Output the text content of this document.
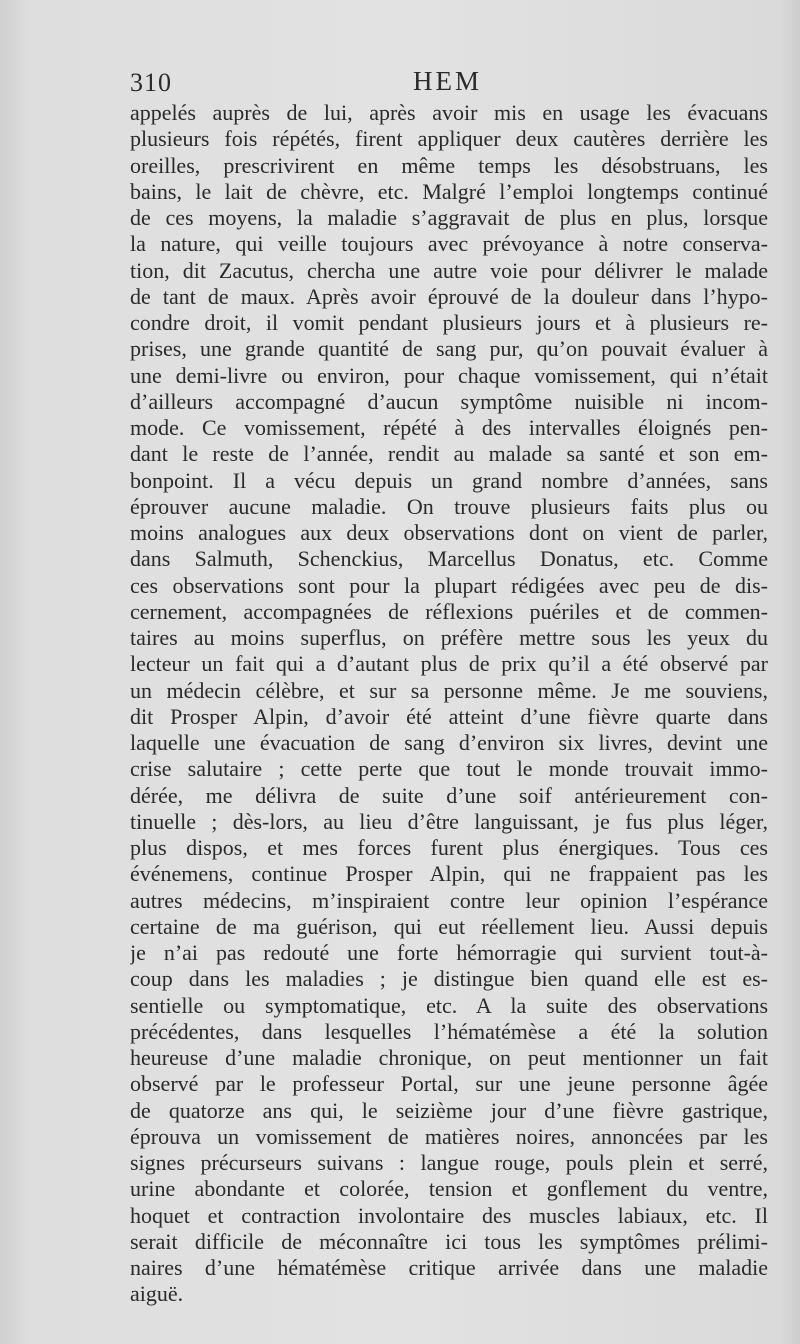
310	HEM
appelés auprès de lui, après avoir mis en usage les évacuans
plusieurs fois répétés, firent appliquer deux cautères derrière les
oreilles, prescrivirent en même temps les désobstruans, les
bains, le lait de chèvre, etc. Malgré l’emploi longtemps continué
de ces moyens, la maladie s’aggravait de plus en plus, lorsque
la nature, qui veille toujours avec prévoyance à notre conserva-
tion, dit Zacutus, chercha une autre voie pour délivrer le malade
de tant de maux. Après avoir éprouvé de la douleur dans l’hypo-
condre droit, il vomit pendant plusieurs jours et à plusieurs re-
prises, une grande quantité de sang pur, qu’on pouvait évaluer à
une demi-livre ou environ, pour chaque vomissement, qui n’était
d’ailleurs accompagné d’aucun symptôme nuisible ni incom-
mode. Ce vomissement, répété à des intervalles éloignés pen-
dant le reste de l’année, rendit au malade sa santé et son em-
bonpoint. Il a vécu depuis un grand nombre d’années, sans
éprouver aucune maladie. On trouve plusieurs faits plus ou
moins analogues aux deux observations dont on vient de parler,
dans Salmuth, Schenckius, Marcellus Donatus, etc. Comme
ces observations sont pour la plupart rédigées avec peu de dis-
cernement, accompagnées de réflexions puériles et de commen-
taires au moins superflus, on préfère mettre sous les yeux du
lecteur un fait qui a d’autant plus de prix qu’il a été observé par
un médecin célèbre, et sur sa personne même. Je me souviens,
dit Prosper Alpin, d’avoir été atteint d’une fièvre quarte dans
laquelle une évacuation de sang d’environ six livres, devint une
crise salutaire ; cette perte que tout le monde trouvait immo-
dérée, me délivra de suite d’une soif antérieurement con-
tinuelle ; dès-lors, au lieu d’être languissant, je fus plus léger,
plus dispos, et mes forces furent plus énergiques. Tous ces
événemens, continue Prosper Alpin, qui ne frappaient pas les
autres médecins, m’inspiraient contre leur opinion l’espérance
certaine de ma guérison, qui eut réellement lieu. Aussi depuis
je n’ai pas redouté une forte hémorragie qui survient tout-à-
coup dans les maladies ; je distingue bien quand elle est es-
sentielle ou symptomatique, etc. A la suite des observations
précédentes, dans lesquelles l’hématémèse a été la solution
heureuse d’une maladie chronique, on peut mentionner un fait
observé par le professeur Portal, sur une jeune personne âgée
de quatorze ans qui, le seizième jour d’une fièvre gastrique,
éprouva un vomissement de matières noires, annoncées par les
signes précurseurs suivans : langue rouge, pouls plein et serré,
urine abondante et colorée, tension et gonflement du ventre,
hoquet et contraction involontaire des muscles labiaux, etc. Il
serait difficile de méconnaître ici tous les symptômes prélimi-
naires d’une hématémèse critique arrivée dans une maladie
aiguë.
